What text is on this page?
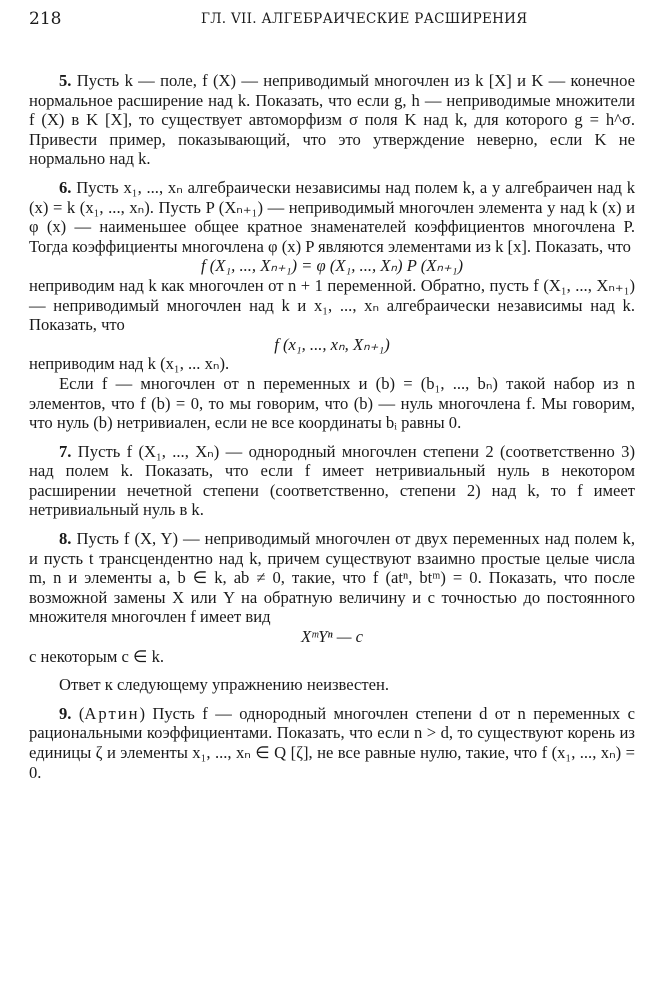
218	ГЛ. VII. АЛГЕБРАИЧЕСКИЕ РАСШИРЕНИЯ

5. Пусть k — поле, f (X) — неприводимый многочлен из k [X] и K — конечное нормальное расширение над k. Показать, что если g, h — неприводимые множители f (X) в K [X], то существует автоморфизм σ поля K над k, для которого g = h^σ. Привести пример, показывающий, что это утверждение неверно, если K не нормально над k.

6. Пусть x₁, ..., xₙ алгебраически независимы над полем k, а y алгебраичен над k (x) = k (x₁, ..., xₙ). Пусть P (Xₙ₊₁) — неприводимый многочлен элемента y над k (x) и φ (x) — наименьшее общее кратное знаменателей коэффициентов многочлена P. Тогда коэффициенты многочлена φ (x) P являются элементами из k [x]. Показать, что

f (X₁, ..., Xₙ₊₁) = φ (X₁, ..., Xₙ) P (Xₙ₊₁)

неприводим над k как многочлен от n + 1 переменной. Обратно, пусть f (X₁, ..., Xₙ₊₁) — неприводимый многочлен над k и x₁, ..., xₙ алгебраически независимы над k. Показать, что

f (x₁, ..., xₙ, Xₙ₊₁)

неприводим над k (x₁, ... xₙ).

Если f — многочлен от n переменных и (b) = (b₁, ..., bₙ) такой набор из n элементов, что f (b) = 0, то мы говорим, что (b) — нуль многочлена f. Мы говорим, что нуль (b) нетривиален, если не все координаты bᵢ равны 0.

7. Пусть f (X₁, ..., Xₙ) — однородный многочлен степени 2 (соответственно 3) над полем k. Показать, что если f имеет нетривиальный нуль в некотором расширении нечетной степени (соответственно, степени 2) над k, то f имеет нетривиальный нуль в k.

8. Пусть f (X, Y) — неприводимый многочлен от двух переменных над полем k, и пусть t трансцендентно над k, причем существуют взаимно простые целые числа m, n и элементы a, b ∈ k, ab ≠ 0, такие, что f (atⁿ, btᵐ) = 0. Показать, что после возможной замены X или Y на обратную величину и с точностью до постоянного множителя многочлен f имеет вид

XᵐYⁿ — c

с некоторым c ∈ k.

Ответ к следующему упражнению неизвестен.

9. (Артин) Пусть f — однородный многочлен степени d от n переменных с рациональными коэффициентами. Показать, что если n > d, то существуют корень из единицы ζ и элементы x₁, ..., xₙ ∈ Q [ζ], не все равные нулю, такие, что f (x₁, ..., xₙ) = 0.
